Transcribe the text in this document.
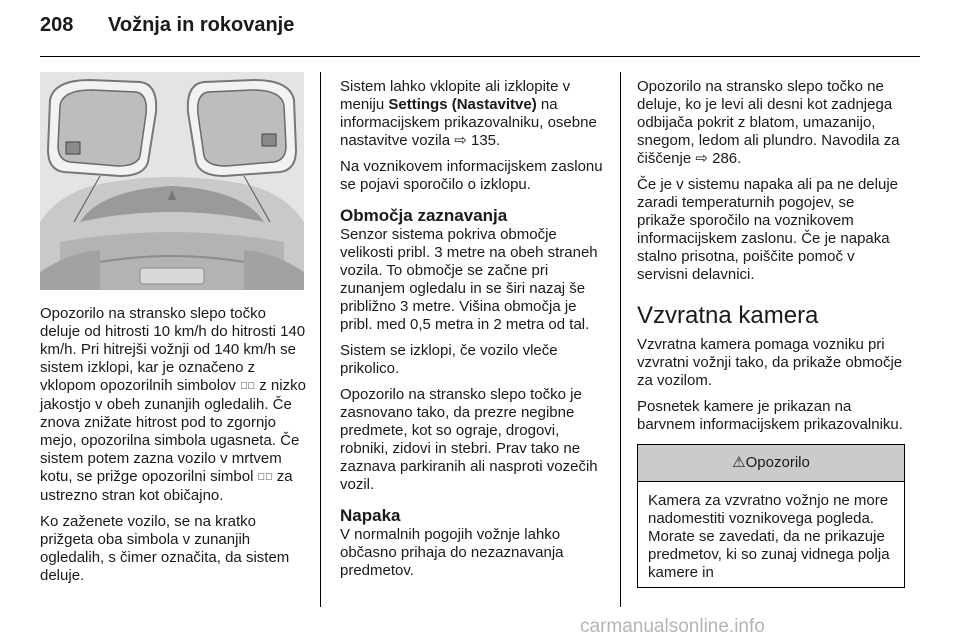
208 Vožnja in rokovanje

Opozorilo na stransko slepo točko deluje od hitrosti 10 km/h do hitrosti 140 km/h. Pri hitrejši vožnji od 140 km/h se sistem izklopi, kar je označeno z vklopom opozorilnih simbolov ⊿⃞ z nizko jakostjo v obeh zunanjih ogledalih. Če znova znižate hitrost pod to zgornjo mejo, opozorilna simbola ugasneta. Če sistem potem zazna vozilo v mrtvem kotu, se prižge opozorilni simbol ⊿⃞ za ustrezno stran kot običajno.

Ko zaženete vozilo, se na kratko prižgeta oba simbola v zunanjih ogledalih, s čimer označita, da sistem deluje.

Sistem lahko vklopite ali izklopite v meniju Settings (Nastavitve) na informacijskem prikazovalniku, osebne nastavitve vozila ⇨ 135.

Na voznikovem informacijskem zaslonu se pojavi sporočilo o izklopu.

Območja zaznavanja

Senzor sistema pokriva območje velikosti pribl. 3 metre na obeh straneh vozila. To območje se začne pri zunanjem ogledalu in se širi nazaj še približno 3 metre. Višina območja je pribl. med 0,5 metra in 2 metra od tal.

Sistem se izklopi, če vozilo vleče prikolico.

Opozorilo na stransko slepo točko je zasnovano tako, da prezre negibne predmete, kot so ograje, drogovi, robniki, zidovi in stebri. Prav tako ne zaznava parkiranih ali nasproti vozečih vozil.

Napaka

V normalnih pogojih vožnje lahko občasno prihaja do nezaznavanja predmetov.

Opozorilo na stransko slepo točko ne deluje, ko je levi ali desni kot zadnjega odbijača pokrit z blatom, umazanijo, snegom, ledom ali plundro. Navodila za čiščenje ⇨ 286.

Če je v sistemu napaka ali pa ne deluje zaradi temperaturnih pogojev, se prikaže sporočilo na voznikovem informacijskem zaslonu. Če je napaka stalno prisotna, poiščite pomoč v servisni delavnici.

Vzvratna kamera

Vzvratna kamera pomaga vozniku pri vzvratni vožnji tako, da prikaže območje za vozilom.

Posnetek kamere je prikazan na barvnem informacijskem prikazovalniku.

⚠Opozorilo
Kamera za vzvratno vožnjo ne more nadomestiti voznikovega pogleda. Morate se zavedati, da ne prikazuje predmetov, ki so zunaj vidnega polja kamere in
carmanualsonline.info
